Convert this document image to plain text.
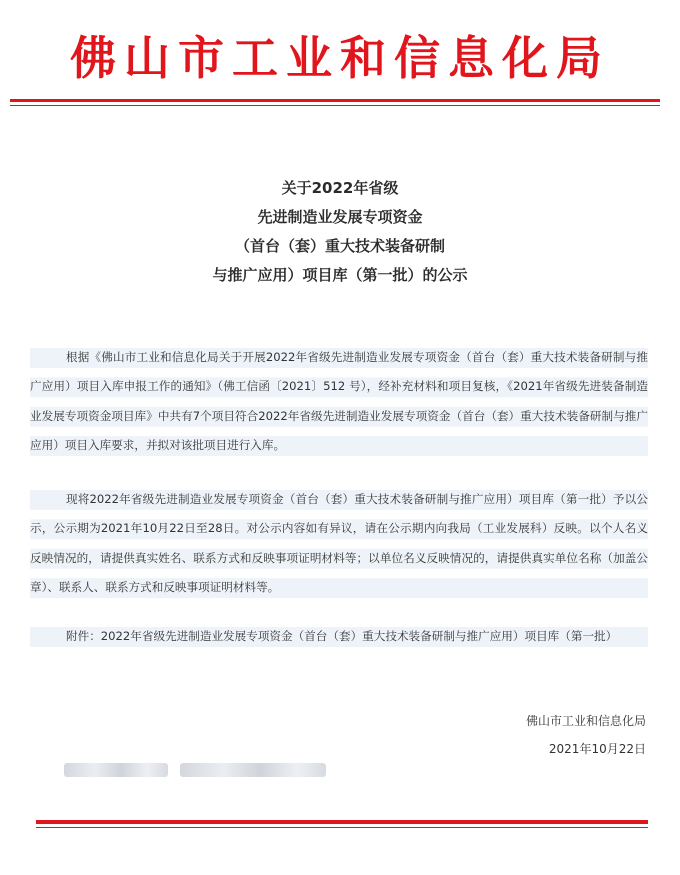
佛山市工业和信息化局
关于2022年省级
先进制造业发展专项资金
（首台（套）重大技术装备研制
与推广应用）项目库（第一批）的公示
根据《佛山市工业和信息化局关于开展2022年省级先进制造业发展专项资金（首台（套）重大技术装备研制与推广应用）项目入库申报工作的通知》（佛工信函〔2021〕512 号），经补充材料和项目复核，《2021年省级先进装备制造业发展专项资金项目库》中共有7个项目符合2022年省级先进制造业发展专项资金（首台（套）重大技术装备研制与推广应用）项目入库要求，并拟对该批项目进行入库。
现将2022年省级先进制造业发展专项资金（首台（套）重大技术装备研制与推广应用）项目库（第一批）予以公示，公示期为2021年10月22日至28日。对公示内容如有异议，请在公示期内向我局（工业发展科）反映。以个人名义反映情况的，请提供真实姓名、联系方式和反映事项证明材料等；以单位名义反映情况的，请提供真实单位名称（加盖公章）、联系人、联系方式和反映事项证明材料等。
附件：2022年省级先进制造业发展专项资金（首台（套）重大技术装备研制与推广应用）项目库（第一批）
佛山市工业和信息化局
2021年10月22日
